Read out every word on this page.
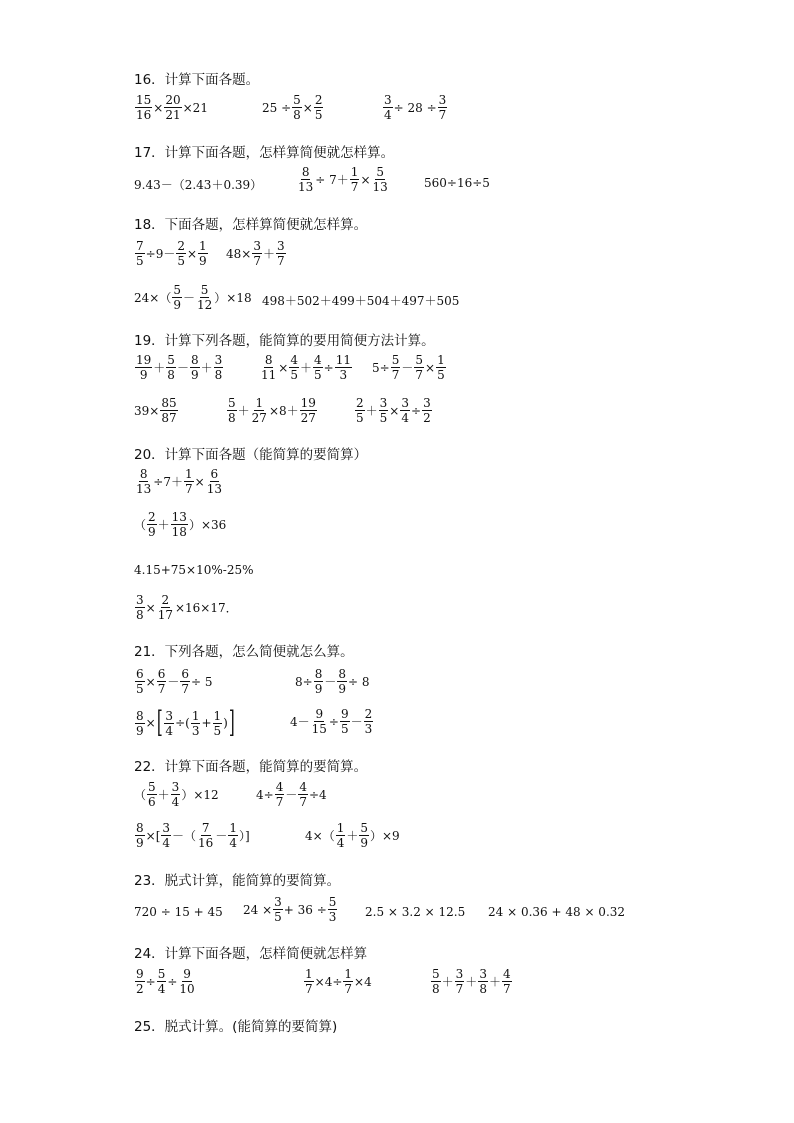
16．计算下面各题。
$\frac{15}{16} \times \frac{20}{21} \times 21$	$25 \div \frac{5}{8} \times \frac{2}{5}$	$\frac{3}{4} \div 28 \div \frac{3}{7}$
17．计算下面各题，怎样算简便就怎样算。
9.43－（2.43＋0.39）	$\frac{8}{13} \div 7+ \frac{1}{7} \times \frac{5}{13}$	560÷16÷5
18．下面各题，怎样算简便就怎样算。
$\frac{7}{5} \div 9- \frac{2}{5} \times \frac{1}{9} 48\times \frac{3}{7} + \frac{3}{7}$
$24\times( \frac{5}{9} - \frac{5}{12} )\times 18$ 498＋502＋499＋504＋497＋505
19．计算下列各题，能简算的要用简便方法计算。
$\frac{19}{9} + \frac{5}{8} - \frac{8}{9} + \frac{3}{8}$	$\frac{8}{11} \times \frac{4}{5} + \frac{4}{5} \div \frac{11}{3} 5\div \frac{5}{7} - \frac{5}{7} \times \frac{1}{5}$
$39\times \frac{85}{87}$	$\frac{5}{8} + \frac{1}{27} \times 8+ \frac{19}{27}$	$\frac{2}{5} + \frac{3}{5} \times \frac{3}{4} \div \frac{3}{2}$
20．计算下面各题（能简算的要简算）
$\frac{8}{13} \div 7+ \frac{1}{7} \times \frac{6}{13}$
（ $\frac{2}{9} + \frac{13}{18} )\times 36$
4.15+75×10%-25%
$\frac{3}{8} \times \frac{2}{17} \times 16\times 17$．
21．下列各题，怎么简便就怎么算。
$\frac{6}{5} \times \frac{6}{7} - \frac{6}{7} \div 5$	$8\div \frac{8}{9} - \frac{8}{9} \div 8$
$\frac{8}{9}$ × [ $\frac{3}{4}$ ÷( $\frac{1}{3} + \frac{1}{5}$ ) ]	$4- \frac{9}{15} \div \frac{9}{5} - \frac{2}{3}$
22．计算下面各题，能简算的要简算。
（ $\frac{5}{6} + \frac{3}{4} )\times 12$	$4\div \frac{4}{7} - \frac{4}{7} \div 4$
$\frac{8}{9}$ ×[ $\frac{3}{4}$ －（ $\frac{7}{16} - \frac{1}{4}$ ）]	$4\times( \frac{1}{4} + \frac{5}{9} )\times 9$
23．脱式计算，能简算的要简算。
720 ÷ 15 + 45 $24 \times \frac{3}{5} + 36 \div \frac{5}{3} 2.5 \times 3.2 \times 12.5$ 24 × 0.36 + 48 × 0.32
24．计算下面各题，怎样简便就怎样算
$\frac{9}{2} \div \frac{5}{4} \div \frac{9}{10}$	$\frac{1}{7} \times 4\div \frac{1}{7} \times 4$	$\frac{5}{8} + \frac{3}{7} + \frac{3}{8} + \frac{4}{7}$
25．脱式计算。(能简算的要简算)
